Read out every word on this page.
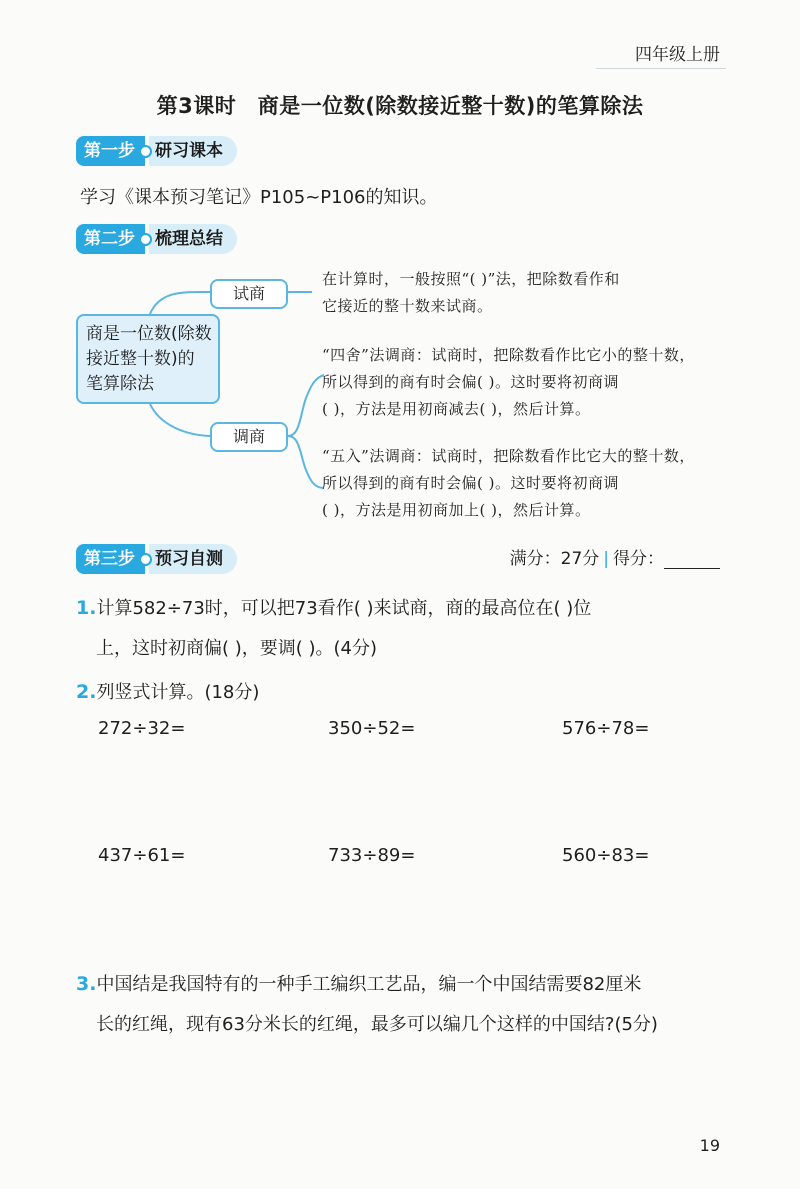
四年级上册
第3课时　商是一位数(除数接近整十数)的笔算除法
第一步	研习课本
学习《课本预习笔记》P105~P106的知识。
第二步	梳理总结
商是一位数(除数
接近整十数)的
笔算除法
试商
调商
在计算时，一般按照“( )”法，把除数看作和
它接近的整十数来试商。
“四舍”法调商：试商时，把除数看作比它小的整十数，
所以得到的商有时会偏( )。这时要将初商调
( )，方法是用初商减去( )，然后计算。
“五入”法调商：试商时，把除数看作比它大的整十数，
所以得到的商有时会偏( )。这时要将初商调
( )，方法是用初商加上( )，然后计算。
第三步	预习自测	满分：27分 | 得分：
1.计算582÷73时，可以把73看作( )来试商，商的最高位在( )位
上，这时初商偏( )，要调( )。(4分)
2.列竖式计算。(18分)
272÷32=	350÷52=	576÷78=
437÷61=	733÷89=	560÷83=
3.中国结是我国特有的一种手工编织工艺品，编一个中国结需要82厘米
长的红绳，现有63分米长的红绳，最多可以编几个这样的中国结?(5分)
19
